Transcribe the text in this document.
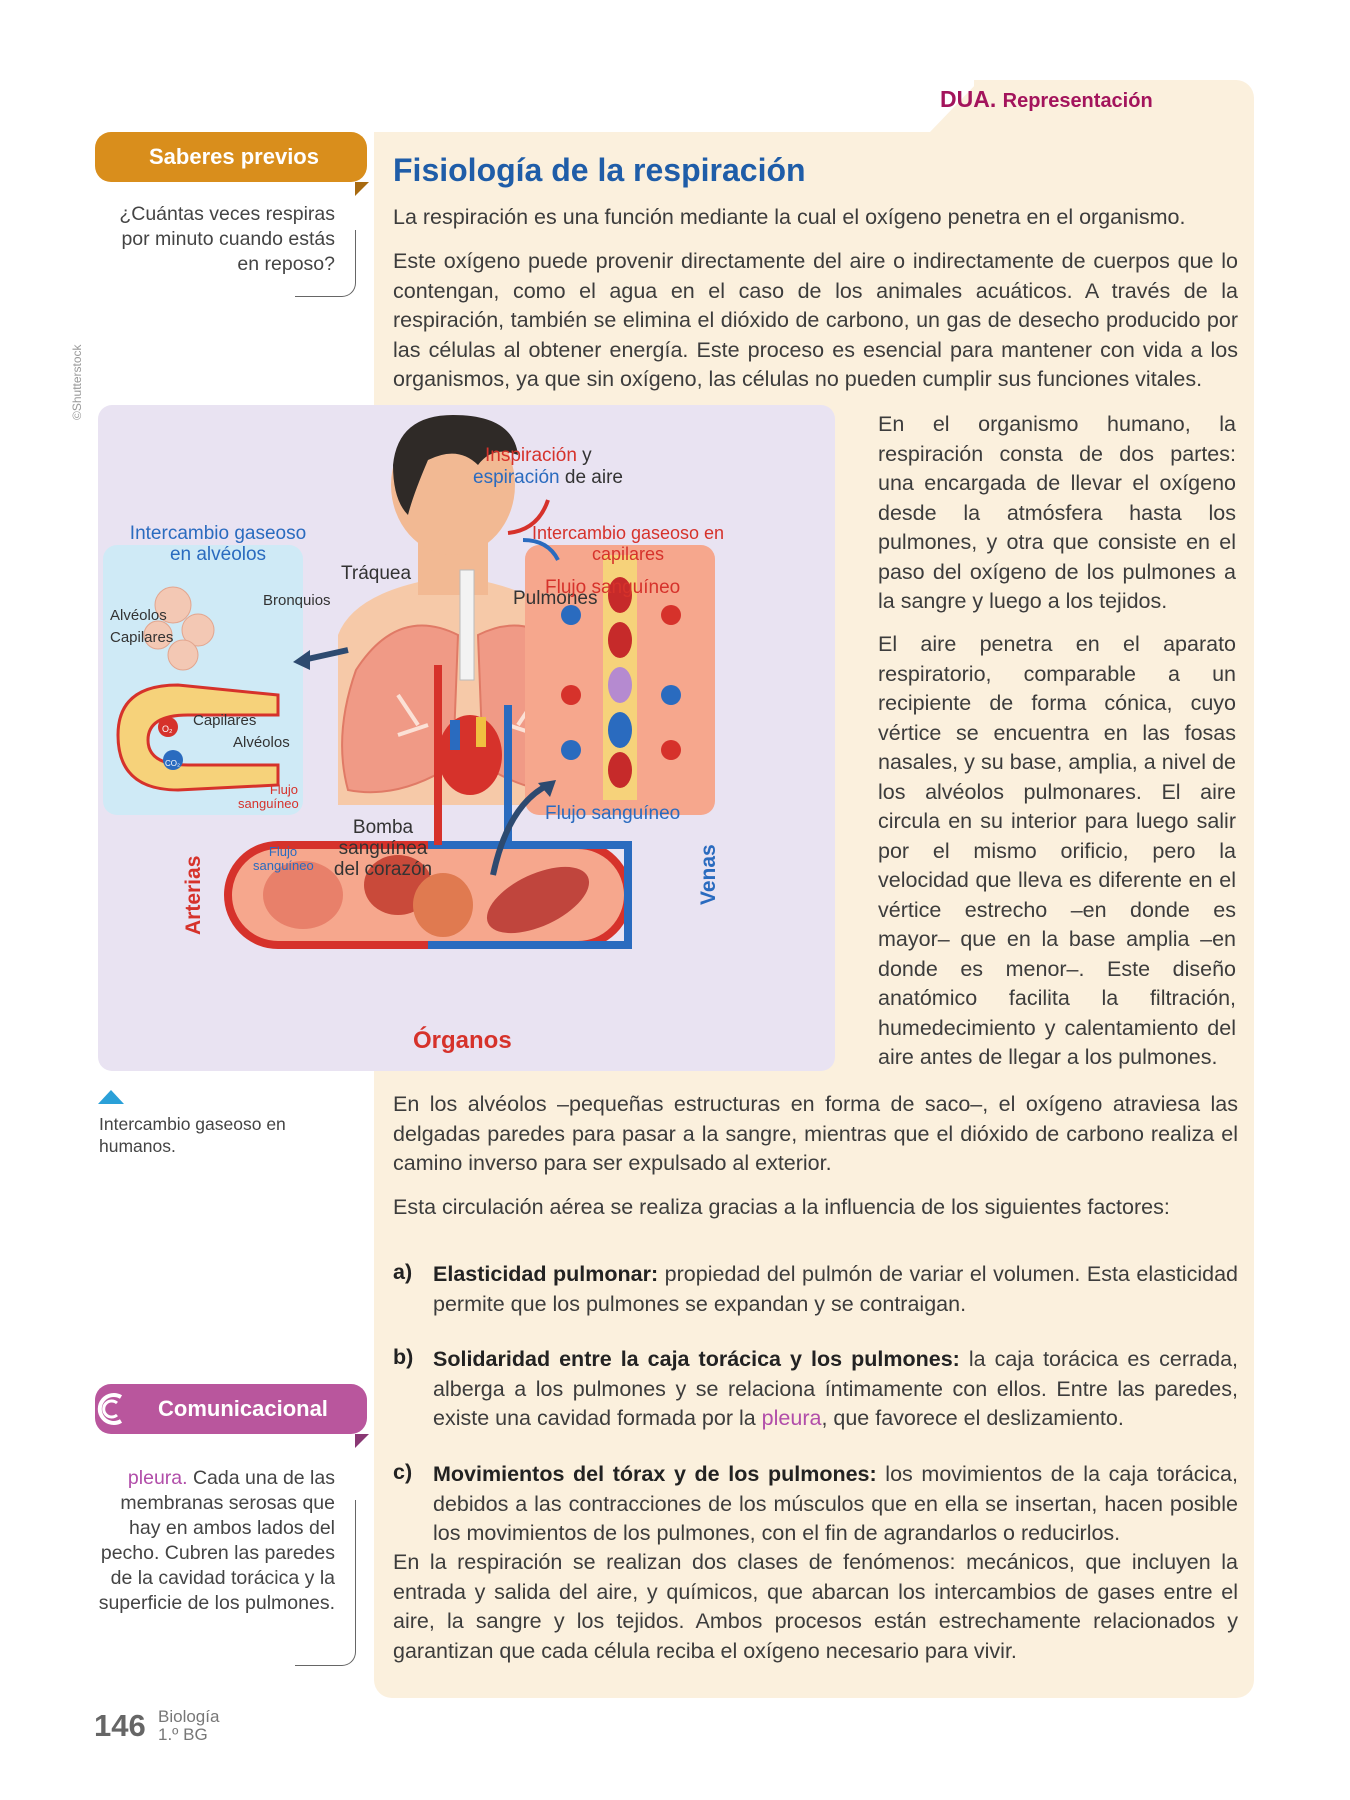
DUA. Representación
Fisiología de la respiración

La respiración es una función mediante la cual el oxígeno penetra en el organismo.

Este oxígeno puede provenir directamente del aire o indirectamente de cuerpos que lo contengan, como el agua en el caso de los animales acuáticos. A través de la respiración, también se elimina el dióxido de carbono, un gas de desecho producido por las células al obtener energía. Este proceso es esencial para mantener con vida a los organismos, ya que sin oxígeno, las células no pueden cumplir sus funciones vitales.

En el organismo humano, la respiración consta de dos partes: una encargada de llevar el oxígeno desde la atmósfera hasta los pulmones, y otra que consiste en el paso del oxígeno de los pulmones a la sangre y luego a los tejidos.

El aire penetra en el aparato respiratorio, comparable a un recipiente de forma cónica, cuyo vértice se encuentra en las fosas nasales, y su base, amplia, a nivel de los alvéolos pulmonares. El aire circula en su interior para luego salir por el mismo orificio, pero la velocidad que lleva es diferente en el vértice estrecho –en donde es mayor– que en la base amplia –en donde es menor–. Este diseño anatómico facilita la filtración, humedecimiento y calentamiento del aire antes de llegar a los pulmones.

En los alvéolos –pequeñas estructuras en forma de saco–, el oxígeno atraviesa las delgadas paredes para pasar a la sangre, mientras que el dióxido de carbono realiza el camino inverso para ser expulsado al exterior.

Esta circulación aérea se realiza gracias a la influencia de los siguientes factores:

a) Elasticidad pulmonar: propiedad del pulmón de variar el volumen. Esta elasticidad permite que los pulmones se expandan y se contraigan.

b) Solidaridad entre la caja torácica y los pulmones: la caja torácica es cerrada, alberga a los pulmones y se relaciona íntimamente con ellos. Entre las paredes, existe una cavidad formada por la pleura, que favorece el deslizamiento.

c) Movimientos del tórax y de los pulmones: los movimientos de la caja torácica, debidos a las contracciones de los músculos que en ella se insertan, hacen posible los movimientos de los pulmones, con el fin de agrandarlos o reducirlos.

En la respiración se realizan dos clases de fenómenos: mecánicos, que incluyen la entrada y salida del aire, y químicos, que abarcan los intercambios de gases entre el aire, la sangre y los tejidos. Ambos procesos están estrechamente relacionados y garantizan que cada célula reciba el oxígeno necesario para vivir.

Saberes previos
¿Cuántas veces respiras por minuto cuando estás en reposo?
Comunicacional
pleura. Cada una de las membranas serosas que hay en ambos lados del pecho. Cubren las paredes de la cavidad torácica y la superficie de los pulmones.
©Shutterstock
Inspiración y
espiración de aire
Intercambio gaseoso en alvéolos
Intercambio gaseoso en capilares
Tráquea
Pulmones
Bronquios
Alvéolos
Capilares
Capilares
Alvéolos
Flujo sanguíneo
Flujo sanguíneo
Flujo sanguíneo
Flujo sanguíneo
Bomba sanguínea del corazón
Arterias	Venas
Órganos
O₂
CO₂
Intercambio gaseoso en humanos.
146 Biología
1.º BG
